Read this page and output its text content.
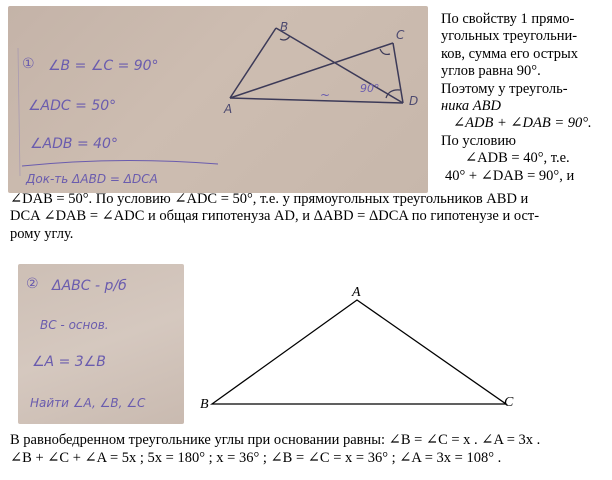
A
B
C
D
90°
~
① ∠B = ∠C = 90°
∠ADC = 50°
∠ADB = 40°
Док-ть ΔABD = ΔDCA
По свойству 1 прямо-
угольных треугольни-
ков, сумма его острых
углов равна 90°.
Поэтому у треуголь-
ника ABD
∠ADB + ∠DAB = 90°.
По условию
∠ADB = 40°, т.е.
40° + ∠DAB = 90°, и
∠DAB = 50°. По условию ∠ADC = 50°, т.е. у прямоугольных треугольников ABD и
DCA ∠DAB = ∠ADC и общая гипотенуза AD, и ΔABD = ΔDCA по гипотенузе и ост-
рому углу.
② ΔABC - р/б
BC - основ.
∠A = 3∠B
Найти ∠A, ∠B, ∠C
A
B	C
В равнобедренном треугольнике углы при основании равны: ∠B = ∠C = x . ∠A = 3x .
∠B + ∠C + ∠A = 5x ; 5x = 180° ; x = 36° ; ∠B = ∠C = x = 36° ; ∠A = 3x = 108° .
